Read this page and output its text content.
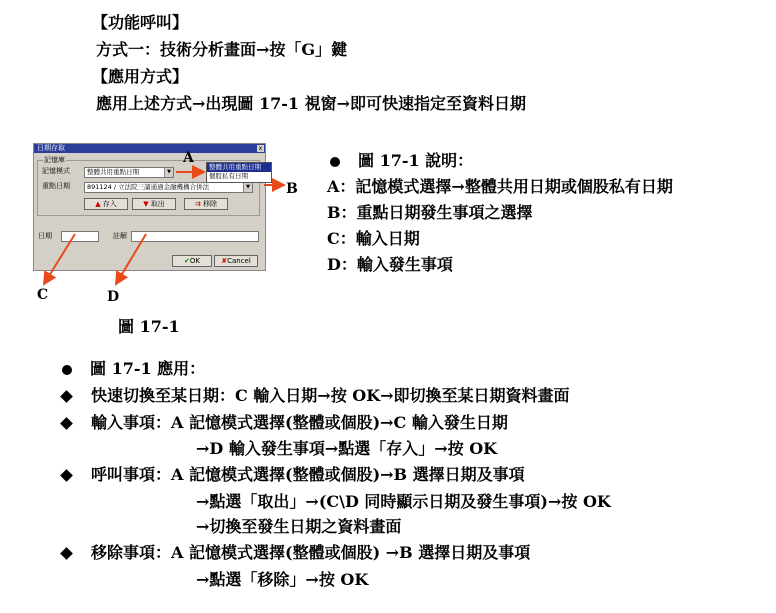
【功能呼叫】
方式一：技術分析畫面→按「G」鍵
【應用方式】
應用上述方式→出現圖 17-1 視窗→即可快速指定至資料日期
日期存取	x
記憶庫
記憶模式	整體共用重點日期	▼
重點日期	891124 / 立法院三讀通過金融機構合併法	▼
▲ 存入	▼ 取出	⇉ 移除
日期	註解
✔OK	✘Cancel
整體共用重點日期
個股私有日期
A
B
C	D
圖 17-1
圖 17-1 說明：
A：記憶模式選擇→整體共用日期或個股私有日期
B：重點日期發生事項之選擇
C：輸入日期
D：輸入發生事項
圖 17-1 應用：
快速切換至某日期：C 輸入日期→按 OK→即切換至某日期資料畫面
輸入事項：A 記憶模式選擇(整體或個股)→C 輸入發生日期
→D 輸入發生事項→點選「存入」→按 OK
呼叫事項：A 記憶模式選擇(整體或個股)→B 選擇日期及事項
→點選「取出」→(C\D 同時顯示日期及發生事項)→按 OK
→切換至發生日期之資料畫面
移除事項：A 記憶模式選擇(整體或個股) →B 選擇日期及事項
→點選「移除」→按 OK
